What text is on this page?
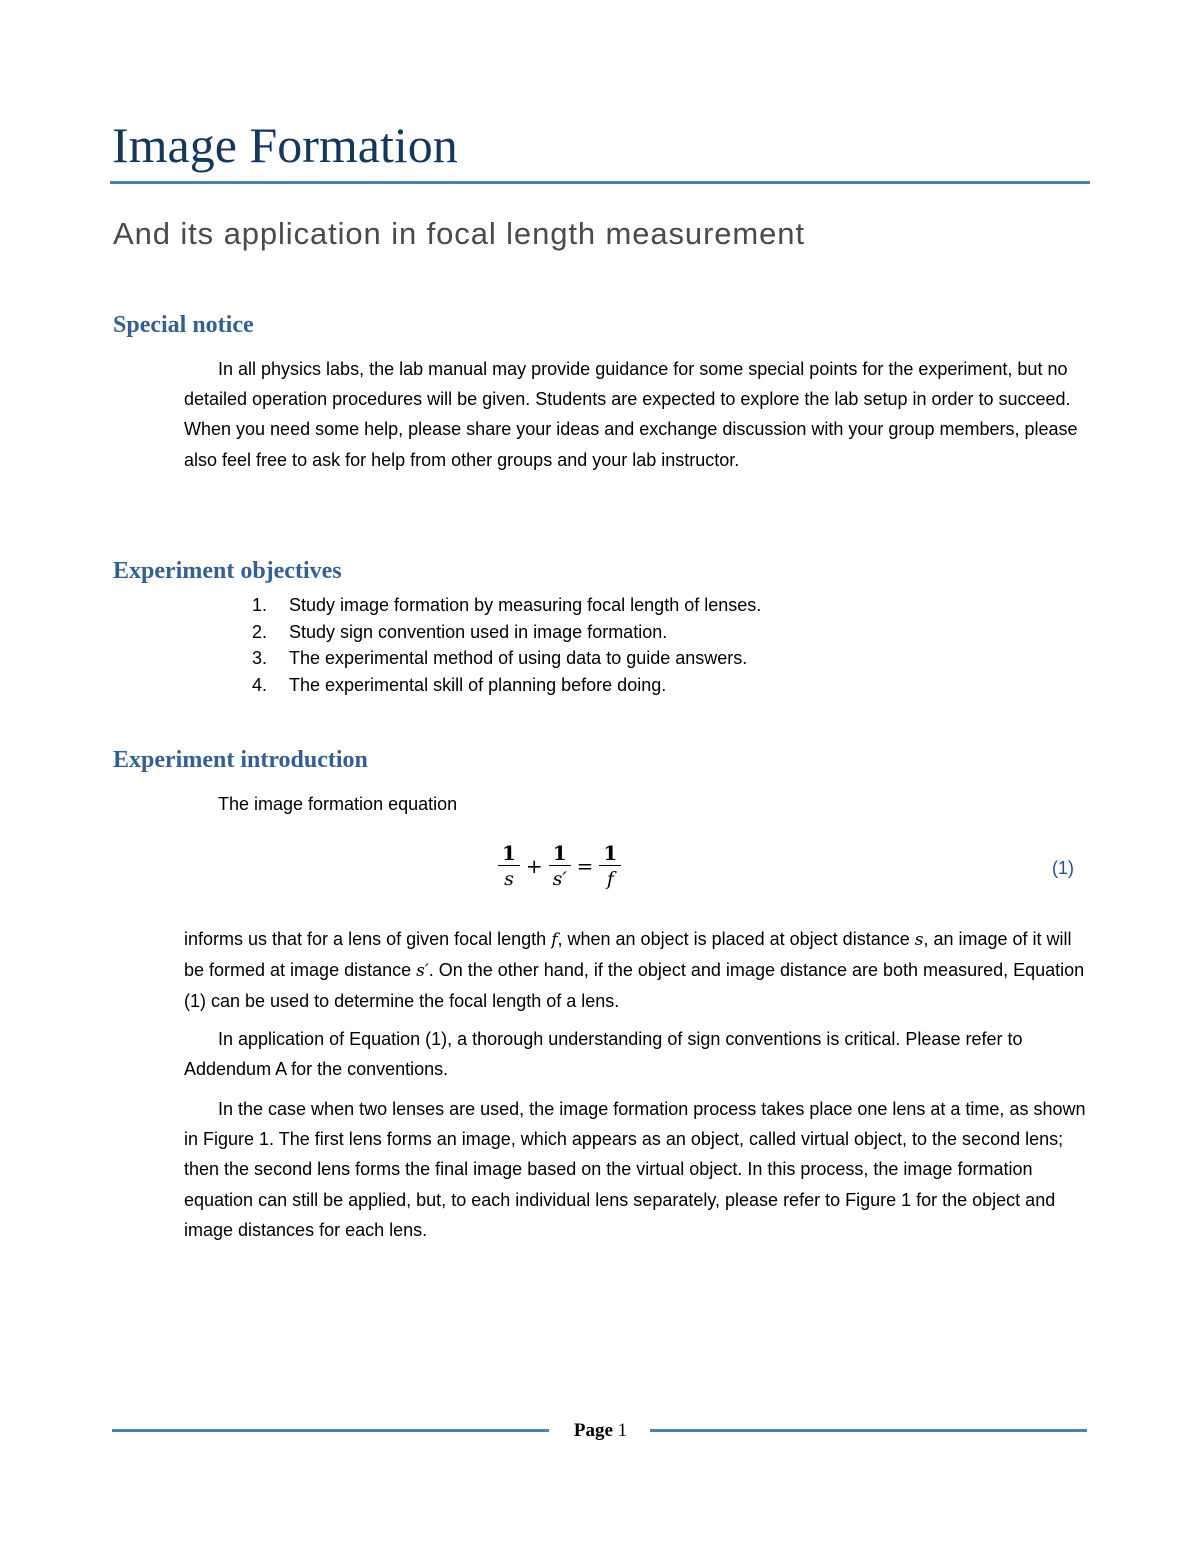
Image Formation
And its application in focal length measurement
Special notice

In all physics labs, the lab manual may provide guidance for some special points for the experiment, but no detailed operation procedures will be given. Students are expected to explore the lab setup in order to succeed. When you need some help, please share your ideas and exchange discussion with your group members, please also feel free to ask for help from other groups and your lab instructor.

Experiment objectives
1. Study image formation by measuring focal length of lenses.
2. Study sign convention used in image formation.
3. The experimental method of using data to guide answers.
4. The experimental skill of planning before doing.
Experiment introduction
The image formation equation
$\frac{1}{s} + \frac{1}{s'} = \frac{1}{f}$	(1)

informs us that for a lens of given focal length f, when an object is placed at object distance s, an image of it will be formed at image distance s′. On the other hand, if the object and image distance are both measured, Equation (1) can be used to determine the focal length of a lens.

In application of Equation (1), a thorough understanding of sign conventions is critical. Please refer to Addendum A for the conventions.

In the case when two lenses are used, the image formation process takes place one lens at a time, as shown in Figure 1. The first lens forms an image, which appears as an object, called virtual object, to the second lens; then the second lens forms the final image based on the virtual object. In this process, the image formation equation can still be applied, but, to each individual lens separately, please refer to Figure 1 for the object and image distances for each lens.

Page 1
